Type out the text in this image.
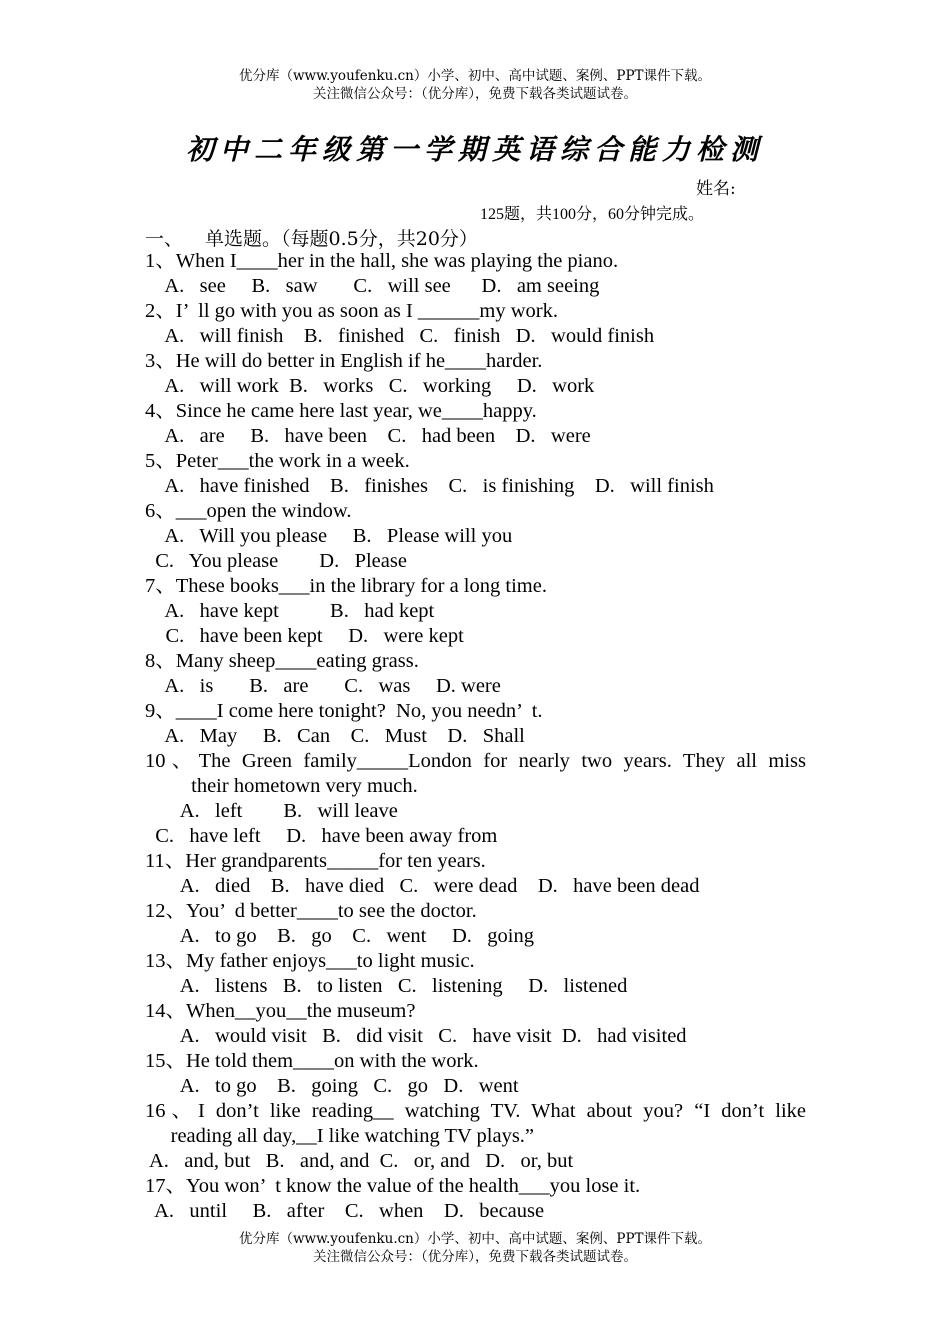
优分库（www.youfenku.cn）小学、初中、高中试题、案例、PPT课件下载。
关注微信公众号：（优分库），免费下载各类试题试卷。
初中二年级第一学期英语综合能力检测
姓名:
125题，共100分，60分钟完成。
一、 单选题。（每题0.5分，共20分）
1、When I____her in the hall, she was playing the piano.
A.   see     B.   saw       C.   will see      D.   am seeing
2、I’  ll go with you as soon as I ______my work.
A.   will finish    B.   finished   C.   finish   D.   would finish
3、He will do better in English if he____harder.
A.   will work  B.   works   C.   working     D.   work
4、Since he came here last year, we____happy.
A.   are     B.   have been    C.   had been    D.   were
5、Peter___the work in a week.
A.   have finished    B.   finishes    C.   is finishing    D.   will finish
6、___open the window.
A.   Will you please     B.   Please will you
C.   You please        D.   Please
7、These books___in the library for a long time.
A.   have kept          B.   had kept
C.   have been kept     D.   were kept
8、Many sheep____eating grass.
A.   is       B.   are       C.   was     D. were
9、____I come here tonight?  No, you needn’  t.
A.   May     B.   Can    C.   Must    D.   Shall
10、The Green family_____London for nearly two years. They all miss
their hometown very much.
A.   left        B.   will leave
C.   have left     D.   have been away from
11、Her grandparents_____for ten years.
A.   died    B.   have died   C.   were dead    D.   have been dead
12、You’  d better____to see the doctor.
A.   to go    B.   go    C.   went     D.   going
13、My father enjoys___to light music.
A.   listens   B.   to listen   C.   listening     D.   listened
14、When__you__the museum?
A.   would visit   B.   did visit   C.   have visit  D.   had visited
15、He told them____on with the work.
A.   to go    B.   going   C.   go   D.   went
16、I don’t like reading__ watching TV. What about you? “I don’t like
reading all day,__I like watching TV plays.”
A.   and, but   B.   and, and  C.   or, and   D.   or, but
17、You won’  t know the value of the health___you lose it.
A.   until     B.   after    C.   when    D.   because
优分库（www.youfenku.cn）小学、初中、高中试题、案例、PPT课件下载。
关注微信公众号：（优分库），免费下载各类试题试卷。
